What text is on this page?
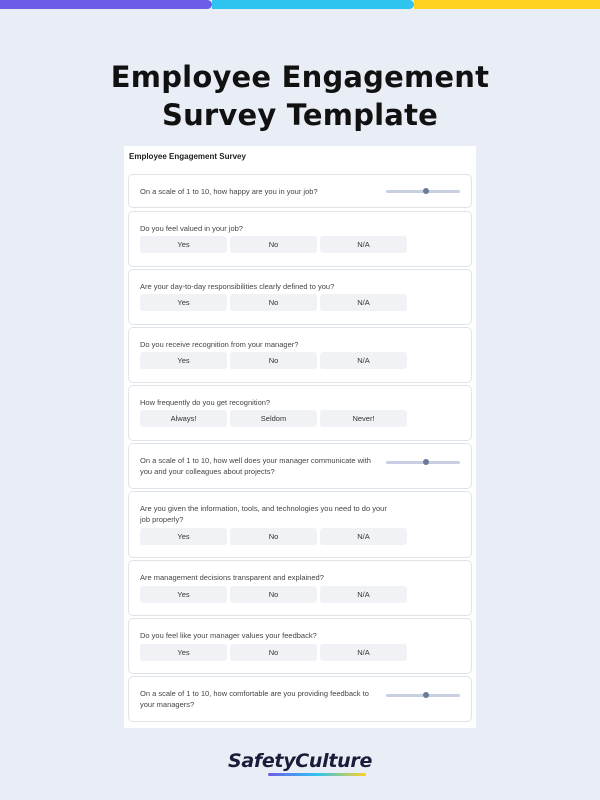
Employee Engagement
Survey Template
Employee Engagement Survey
On a scale of 1 to 10, how happy are you in your job?
Do you feel valued in your job?
Yes	No	N/A
Are your day-to-day responsibilities clearly defined to you?
Yes	No	N/A
Do you receive recognition from your manager?
Yes	No	N/A
How frequently do you get recognition?
Always!	Seldom	Never!
On a scale of 1 to 10, how well does your manager communicate with
you and your colleagues about projects?
Are you given the information, tools, and technologies you need to do your
job properly?
Yes	No	N/A
Are management decisions transparent and explained?
Yes	No	N/A
Do you feel like your manager values your feedback?
Yes	No	N/A
On a scale of 1 to 10, how comfortable are you providing feedback to
your managers?
SafetyCulture
